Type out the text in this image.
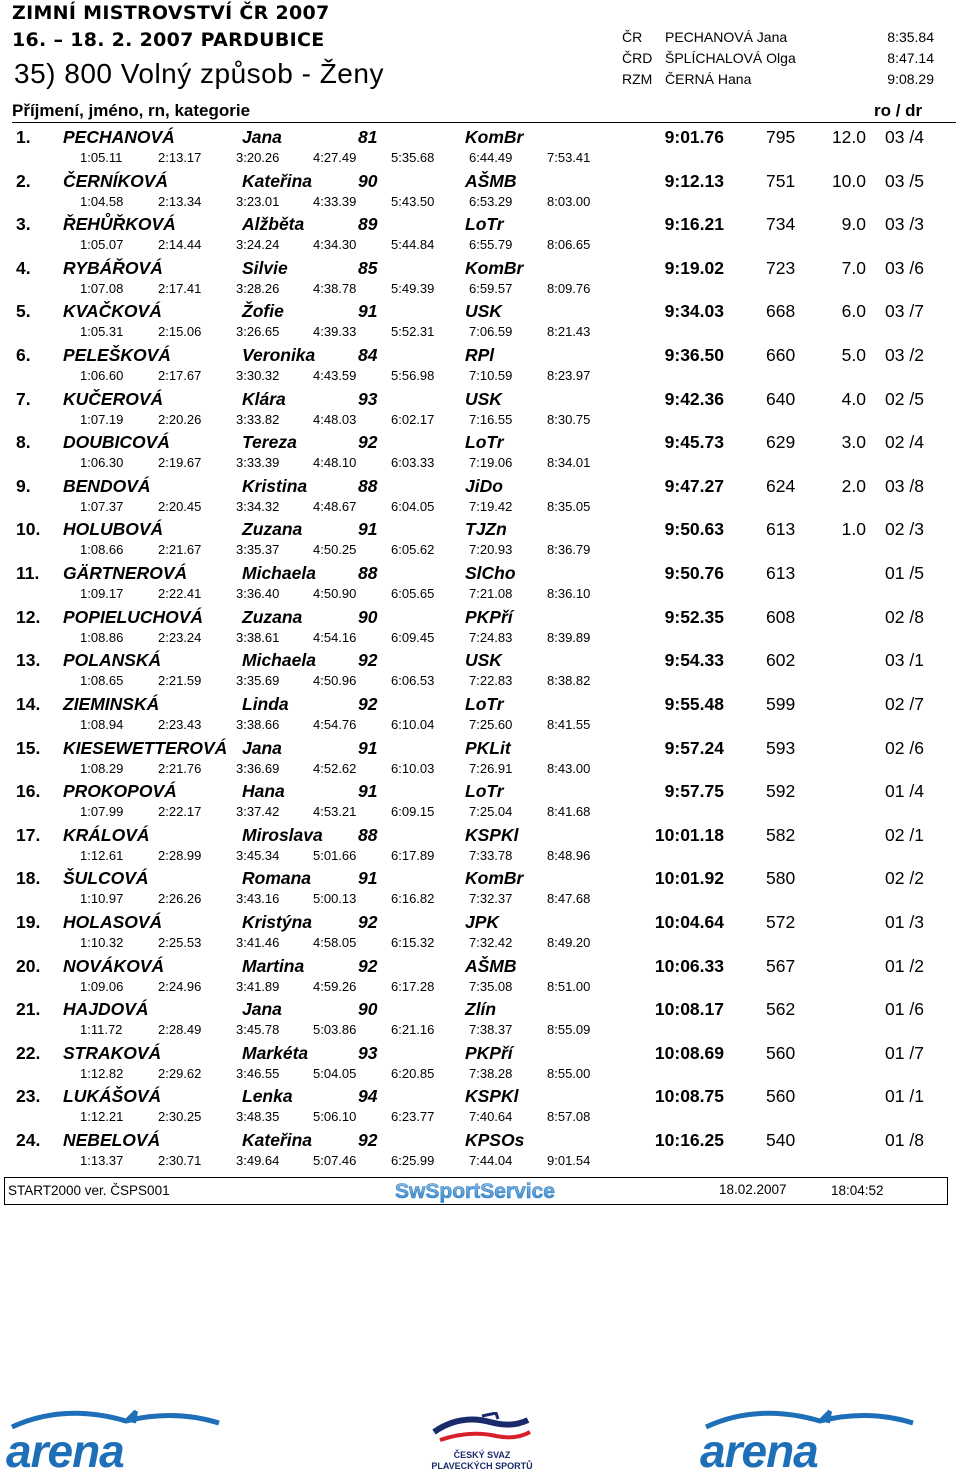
ZIMNÍ MISTROVSTVÍ ČR 2007
16. – 18. 2. 2007 PARDUBICE
35) 800 Volný způsob - Ženy
ČR PECHANOVÁ Jana	8:35.84
ČRD ŠPLÍCHALOVÁ Olga	8:47.14
RZM ČERNÁ Hana	9:08.29
Příjmení, jméno, rn, kategorie	ro / dr
1. PECHANOVÁ	Jana	81	KomBr	9:01.76 795	12.0 03 /4
1:05.11	2:13.17	3:20.26	4:27.49	5:35.68	6:44.49	7:53.41
2. ČERNÍKOVÁ	Kateřina	90	AŠMB	9:12.13 751	10.0 03 /5
1:04.58	2:13.34	3:23.01	4:33.39	5:43.50	6:53.29	8:03.00
3. ŘEHŮŘKOVÁ	Alžběta	89	LoTr	9:16.21 734	9.0 03 /3
1:05.07	2:14.44	3:24.24	4:34.30	5:44.84	6:55.79	8:06.65
4. RYBÁŘOVÁ	Silvie	85	KomBr	9:19.02 723	7.0 03 /6
1:07.08	2:17.41	3:28.26	4:38.78	5:49.39	6:59.57	8:09.76
5. KVAČKOVÁ	Žofie	91	USK	9:34.03 668	6.0 03 /7
1:05.31	2:15.06	3:26.65	4:39.33	5:52.31	7:06.59	8:21.43
6. PELEŠKOVÁ	Veronika 84	RPl	9:36.50 660	5.0 03 /2
1:06.60	2:17.67	3:30.32	4:43.59	5:56.98	7:10.59	8:23.97
7. KUČEROVÁ	Klára	93	USK	9:42.36 640	4.0 02 /5
1:07.19	2:20.26	3:33.82	4:48.03	6:02.17	7:16.55	8:30.75
8. DOUBICOVÁ	Tereza	92	LoTr	9:45.73 629	3.0 02 /4
1:06.30	2:19.67	3:33.39	4:48.10	6:03.33	7:19.06	8:34.01
9. BENDOVÁ	Kristina	88	JiDo	9:47.27 624	2.0 03 /8
1:07.37	2:20.45	3:34.32	4:48.67	6:04.05	7:19.42	8:35.05
10. HOLUBOVÁ	Zuzana	91	TJZn	9:50.63 613	1.0 02 /3
1:08.66	2:21.67	3:35.37	4:50.25	6:05.62	7:20.93	8:36.79
11. GÄRTNEROVÁ	Michaela 88	SlCho	9:50.76 613	01 /5
1:09.17	2:22.41	3:36.40	4:50.90	6:05.65	7:21.08	8:36.10
12. POPIELUCHOVÁ Zuzana	90	PKPří	9:52.35 608	02 /8
1:08.86	2:23.24	3:38.61	4:54.16	6:09.45	7:24.83	8:39.89
13. POLANSKÁ	Michaela 92	USK	9:54.33 602	03 /1
1:08.65	2:21.59	3:35.69	4:50.96	6:06.53	7:22.83	8:38.82
14. ZIEMINSKÁ	Linda	92	LoTr	9:55.48 599	02 /7
1:08.94	2:23.43	3:38.66	4:54.76	6:10.04	7:25.60	8:41.55
15. KIESEWETTEROVÁ Jana	91	PKLit	9:57.24 593	02 /6
1:08.29	2:21.76	3:36.69	4:52.62	6:10.03	7:26.91	8:43.00
16. PROKOPOVÁ	Hana	91	LoTr	9:57.75 592	01 /4
1:07.99	2:22.17	3:37.42	4:53.21	6:09.15	7:25.04	8:41.68
17. KRÁLOVÁ	Miroslava 88	KSPKl	10:01.18 582	02 /1
1:12.61	2:28.99	3:45.34	5:01.66	6:17.89	7:33.78	8:48.96
18. ŠULCOVÁ	Romana	91	KomBr	10:01.92 580	02 /2
1:10.97	2:26.26	3:43.16	5:00.13	6:16.82	7:32.37	8:47.68
19. HOLASOVÁ	Kristýna	92	JPK	10:04.64 572	01 /3
1:10.32	2:25.53	3:41.46	4:58.05	6:15.32	7:32.42	8:49.20
20. NOVÁKOVÁ	Martina	92	AŠMB	10:06.33 567	01 /2
1:09.06	2:24.96	3:41.89	4:59.26	6:17.28	7:35.08	8:51.00
21. HAJDOVÁ	Jana	90	Zlín	10:08.17 562	01 /6
1:11.72	2:28.49	3:45.78	5:03.86	6:21.16	7:38.37	8:55.09
22. STRAKOVÁ	Markéta	93	PKPří	10:08.69 560	01 /7
1:12.82	2:29.62	3:46.55	5:04.05	6:20.85	7:38.28	8:55.00
23. LUKÁŠOVÁ	Lenka	94	KSPKl	10:08.75 560	01 /1
1:12.21	2:30.25	3:48.35	5:06.10	6:23.77	7:40.64	8:57.08
24. NEBELOVÁ	Kateřina	92	KPSOs	10:16.25 540	01 /8
1:13.37	2:30.71	3:49.64	5:07.46	6:25.99	7:44.04	9:01.54
START2000 ver. ČSPS001	SwSportService	18.02.2007	18:04:52
arena	ČESKÝ SVAZ
PLAVECKÝCH SPORTŮ	arena
